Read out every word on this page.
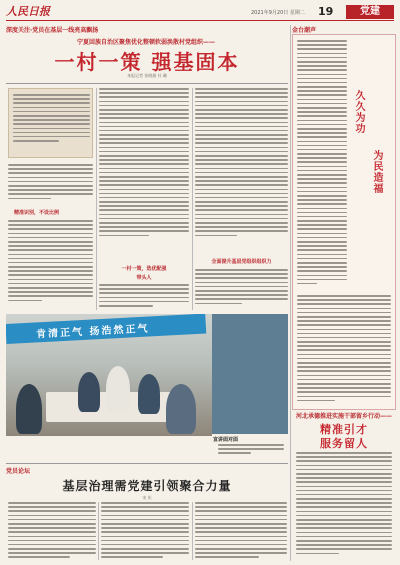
人民日报	2021年9月20日 星期二 19	党建
深度关注·党员在基层一线亮高飘扬
宁夏回族自治区聚焦优化整顿软弱涣散村党组织——
一村一策 强基固本
本报记者 张晓娟 杜 璐
精准识别，不设比例
一村一策，选优配强
带头人
全面提升基层党组织组织力
肯清正气 扬浩然正气
宣讲面对面
金台潮声
久久为功
为民造福
河北承德推进实施干部留乡行动——
精准引才
服务留人
党员论坛
基层治理需党建引领聚合力量
宋 庆
